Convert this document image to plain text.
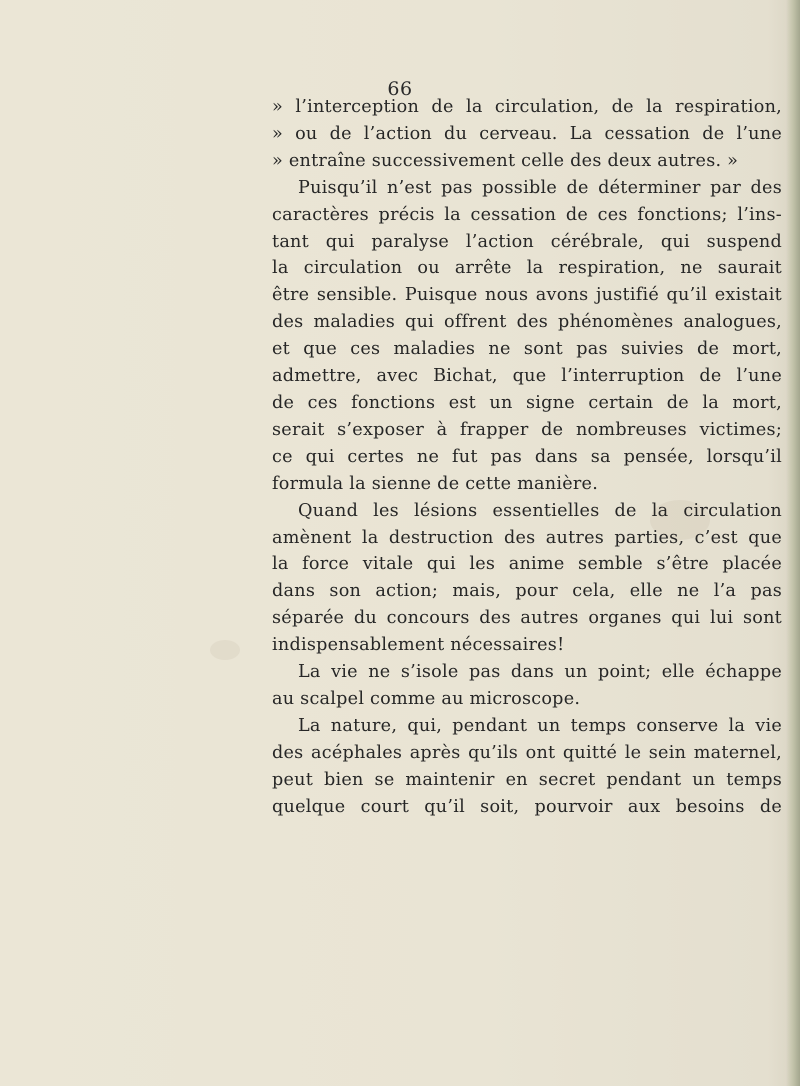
66
» l’interception de la circulation, de la respiration,
» ou de l’action du cerveau. La cessation de l’une
» entraîne successivement celle des deux autres. »
Puisqu’il n’est pas possible de déterminer par des
caractères précis la cessation de ces fonctions; l’ins-
tant qui paralyse l’action cérébrale, qui suspend
la circulation ou arrête la respiration, ne saurait
être sensible. Puisque nous avons justifié qu’il existait
des maladies qui offrent des phénomènes analogues,
et que ces maladies ne sont pas suivies de mort,
admettre, avec Bichat, que l’interruption de l’une
de ces fonctions est un signe certain de la mort,
serait s’exposer à frapper de nombreuses victimes;
ce qui certes ne fut pas dans sa pensée, lorsqu’il
formula la sienne de cette manière.
Quand les lésions essentielles de la circulation
amènent la destruction des autres parties, c’est que
la force vitale qui les anime semble s’être placée
dans son action; mais, pour cela, elle ne l’a pas
séparée du concours des autres organes qui lui sont
indispensablement nécessaires!
La vie ne s’isole pas dans un point; elle échappe
au scalpel comme au microscope.
La nature, qui, pendant un temps conserve la vie
des acéphales après qu’ils ont quitté le sein maternel,
peut bien se maintenir en secret pendant un temps
quelque court qu’il soit, pourvoir aux besoins de
